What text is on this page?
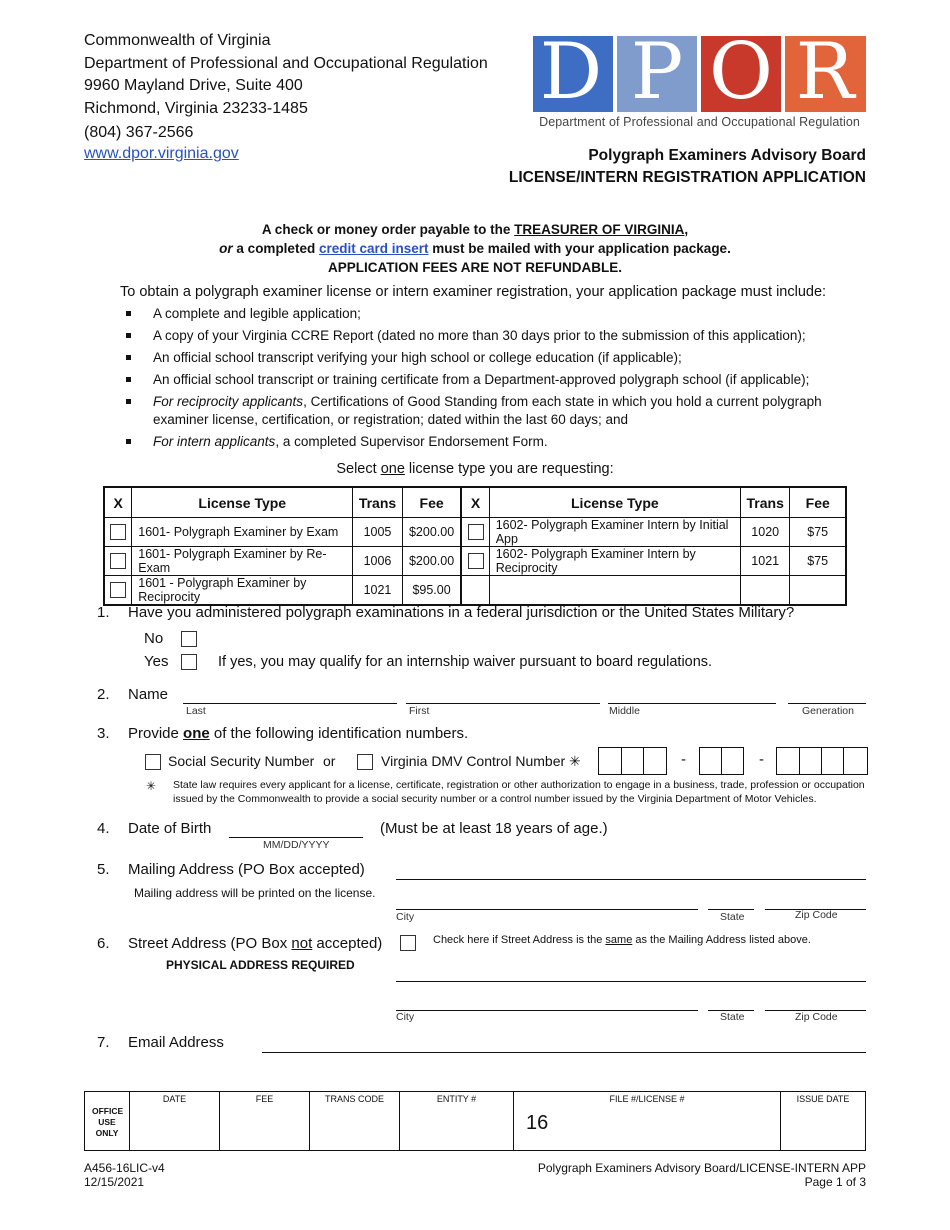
Commonwealth of Virginia
Department of Professional and Occupational Regulation
9960 Mayland Drive, Suite 400
Richmond, Virginia 23233-1485
(804) 367-2566
www.dpor.virginia.gov
D P O R
Department of Professional and Occupational Regulation
Polygraph Examiners Advisory Board
LICENSE/INTERN REGISTRATION APPLICATION
A check or money order payable to the TREASURER OF VIRGINIA,
or a completed credit card insert must be mailed with your application package.
APPLICATION FEES ARE NOT REFUNDABLE.
To obtain a polygraph examiner license or intern examiner registration, your application package must include:
A complete and legible application;
A copy of your Virginia CCRE Report (dated no more than 30 days prior to the submission of this application);
An official school transcript verifying your high school or college education (if applicable);
An official school transcript or training certificate from a Department-approved polygraph school (if applicable);
For reciprocity applicants, Certifications of Good Standing from each state in which you hold a current polygraph examiner license, certification, or registration; dated within the last 60 days; and
For intern applicants, a completed Supervisor Endorsement Form.
Select one license type you are requesting:
X	License Type	Trans	Fee	X	License Type	Trans	Fee
	1601- Polygraph Examiner by Exam	1005	$200.00		1602- Polygraph Examiner Intern by Initial App	1020	$75
	1601- Polygraph Examiner by Re-Exam	1006	$200.00		1602- Polygraph Examiner Intern by Reciprocity	1021	$75
	1601 - Polygraph Examiner by Reciprocity	1021	$95.00				
1. Have you administered polygraph examinations in a federal jurisdiction or the United States Military?
No
Yes	If yes, you may qualify for an internship waiver pursuant to board regulations.
2. Name
Last	First	Middle	Generation
3. Provide one of the following identification numbers.
Social Security Number or	Virginia DMV Control Number ✳	-	-
✳ State law requires every applicant for a license, certificate, registration or other authorization to engage in a business, trade, profession or occupation issued by the Commonwealth to provide a social security number or a control number issued by the Virginia Department of Motor Vehicles.
4. Date of Birth
MM/DD/YYYY
(Must be at least 18 years of age.)
5. Mailing Address (PO Box accepted)
Mailing address will be printed on the license.
City	State	Zip Code
6. Street Address (PO Box not accepted)
PHYSICAL ADDRESS REQUIRED
Check here if Street Address is the same as the Mailing Address listed above.
City	State	Zip Code
7. Email Address
OFFICE USE ONLY
	DATE	FEE	TRANS CODE	ENTITY #	FILE #/LICENSE #
16
	ISSUE DATE
A456-16LIC-v4
12/15/2021
Polygraph Examiners Advisory Board/LICENSE-INTERN APP
Page 1 of 3
